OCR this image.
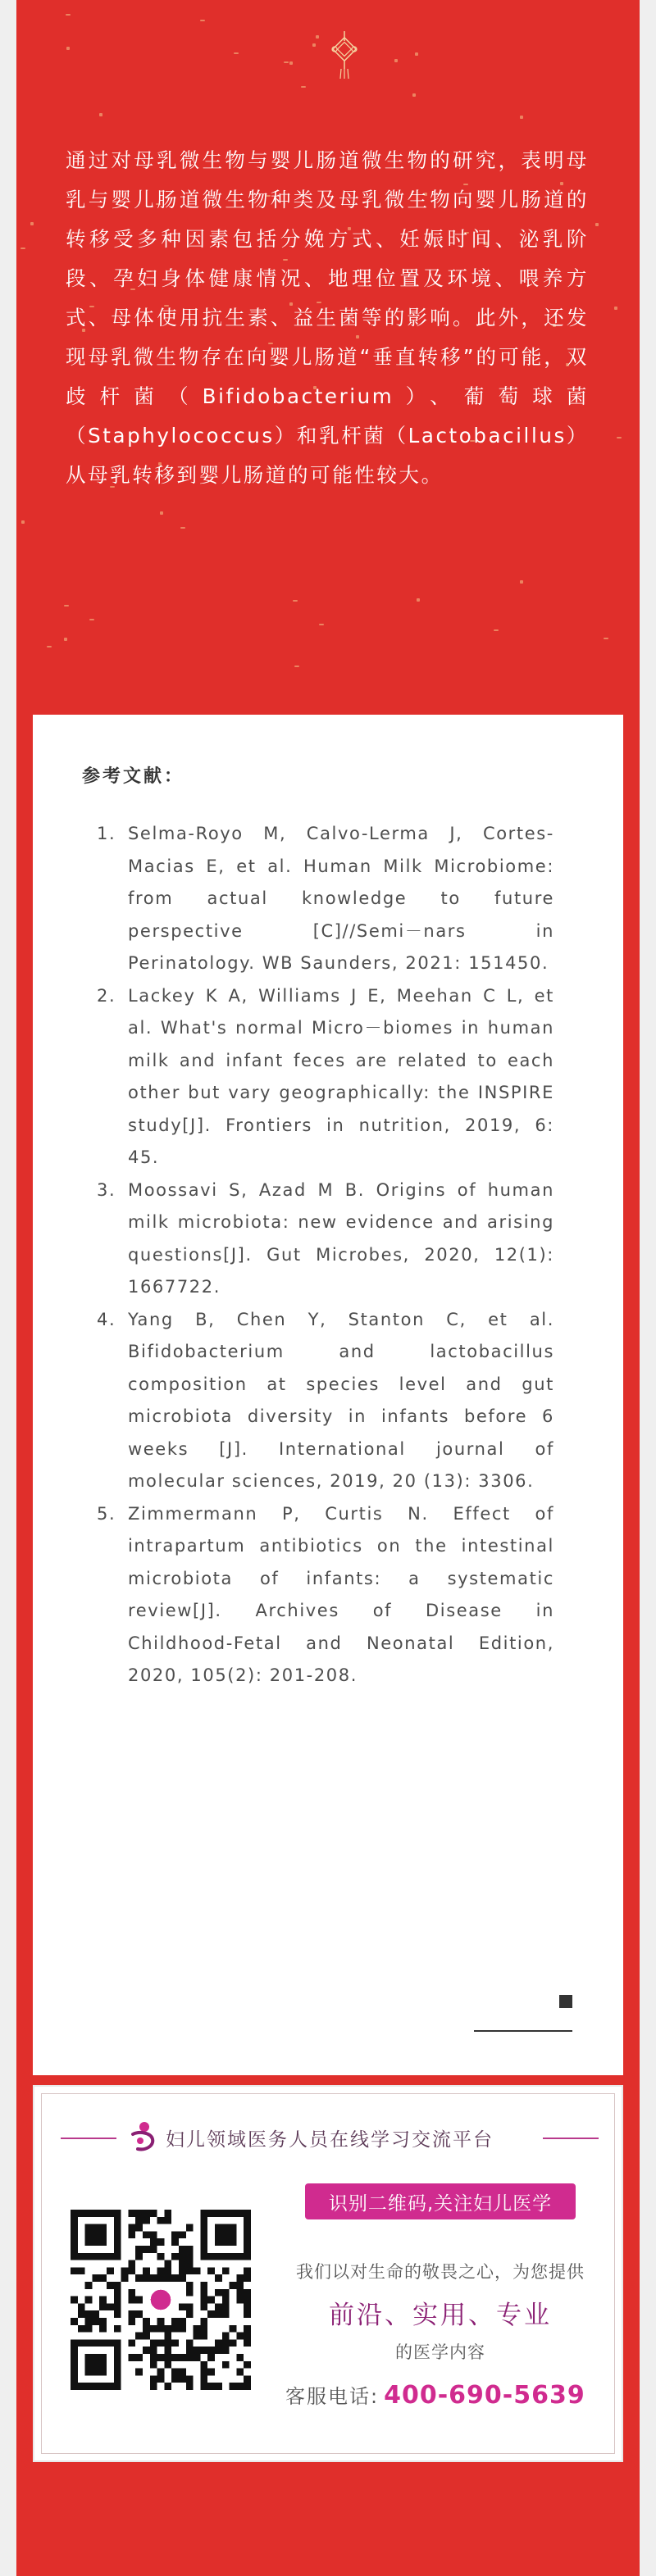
通过对母乳微生物与婴儿肠道微生物的研究，表明母乳与婴儿肠道微生物种类及母乳微生物向婴儿肠道的转移受多种因素包括分娩方式、妊娠时间、泌乳阶段、孕妇身体健康情况、地理位置及环境、喂养方式、母体使用抗生素、益生菌等的影响。此外，还发现母乳微生物存在向婴儿肠道“垂直转移”的可能，双歧杆菌（Bifidobacterium）、葡萄球菌（Staphylococcus）和乳杆菌（Lactobacillus）从母乳转移到婴儿肠道的可能性较大。

参考文献：
1. Selma-Royo M, Calvo-Lerma J, Cortes-Macias E, et al. Human Milk Microbiome: from actual knowledge to future perspective [C]//Semi－nars in Perinatology. WB Saunders, 2021: 151450.
2. Lackey K A, Williams J E, Meehan C L, et al. What's normal Micro－biomes in human milk and infant feces are related to each other but vary geographically: the INSPIRE study[J]. Frontiers in nutrition, 2019, 6: 45.
3. Moossavi S, Azad M B. Origins of human milk microbiota: new evidence and arising questions[J]. Gut Microbes, 2020, 12(1): 1667722.
4. Yang B, Chen Y, Stanton C, et al. Bifidobacterium and lactobacillus composition at species level and gut microbiota diversity in infants before 6 weeks [J]. International journal of molecular sciences, 2019, 20 (13): 3306.
5. Zimmermann P, Curtis N. Effect of intrapartum antibiotics on the intestinal microbiota of infants: a systematic review[J]. Archives of Disease in Childhood-Fetal and Neonatal Edition, 2020, 105(2): 201-208.
妇儿领域医务人员在线学习交流平台
识别二维码,关注妇儿医学
我们以对生命的敬畏之心，为您提供
前沿、实用、专业
的医学内容
客服电话: 400-690-5639
